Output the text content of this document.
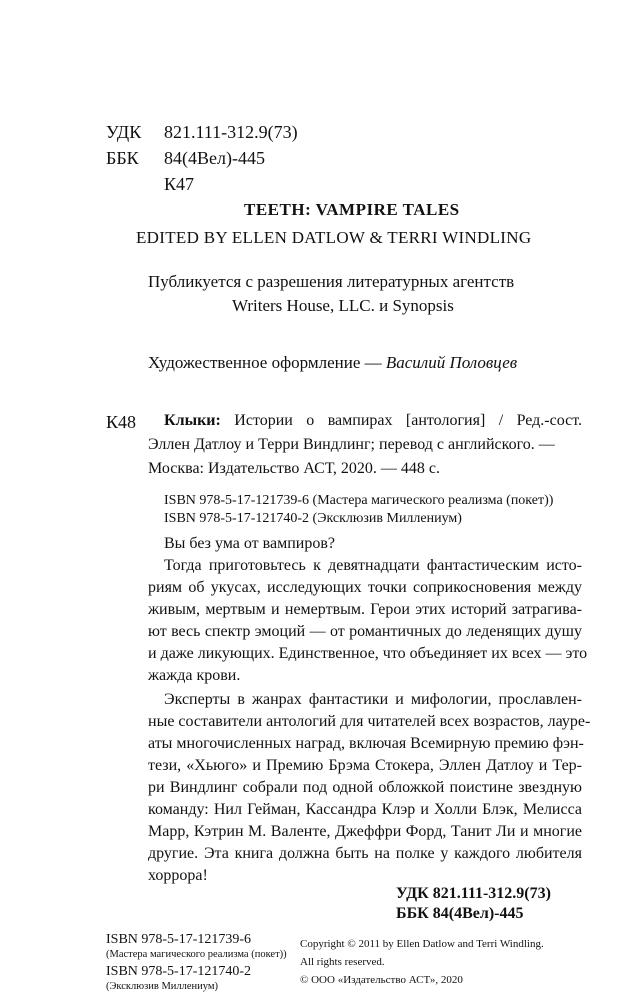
УДК 821.111-312.9(73)
ББК 84(4Вел)-445
К47
TEETH: VAMPIRE TALES
EDITED BY ELLEN DATLOW & TERRI WINDLING
Публикуется с разрешения литературных агентств
Writers House, LLC. и Synopsis
Художественное оформление — Василий Половцев
К48 Клыки: Истории о вампирах [антология] / Ред.-сост.
Эллен Датлоу и Терри Виндлинг; перевод с английского. —
Москва: Издательство АСТ, 2020. — 448 с.
ISBN 978-5-17-121739-6 (Мастера магического реализма (покет))
ISBN 978-5-17-121740-2 (Эксклюзив Миллениум)
Вы без ума от вампиров?
Тогда приготовьтесь к девятнадцати фантастическим исто-
риям об укусах, исследующих точки соприкосновения между
живым, мертвым и немертвым. Герои этих историй затрагива-
ют весь спектр эмоций — от романтичных до леденящих душу
и даже ликующих. Единственное, что объединяет их всех — это
жажда крови.
Эксперты в жанрах фантастики и мифологии, прославлен-
ные составители антологий для читателей всех возрастов, лауре-
аты многочисленных наград, включая Всемирную премию фэн-
тези, «Хьюго» и Премию Брэма Стокера, Эллен Датлоу и Тер-
ри Виндлинг собрали под одной обложкой поистине звездную
команду: Нил Гейман, Кассандра Клэр и Холли Блэк, Мелисса
Марр, Кэтрин М. Валенте, Джеффри Форд, Танит Ли и многие
другие. Эта книга должна быть на полке у каждого любителя
хоррора!
УДК 821.111-312.9(73)
ББК 84(4Вел)-445
ISBN 978-5-17-121739-6
(Мастера магического реализма (покет))
ISBN 978-5-17-121740-2
(Эксклюзив Миллениум)
Copyright © 2011 by Ellen Datlow and Terri Windling.
All rights reserved.
© ООО «Издательство АСТ», 2020
